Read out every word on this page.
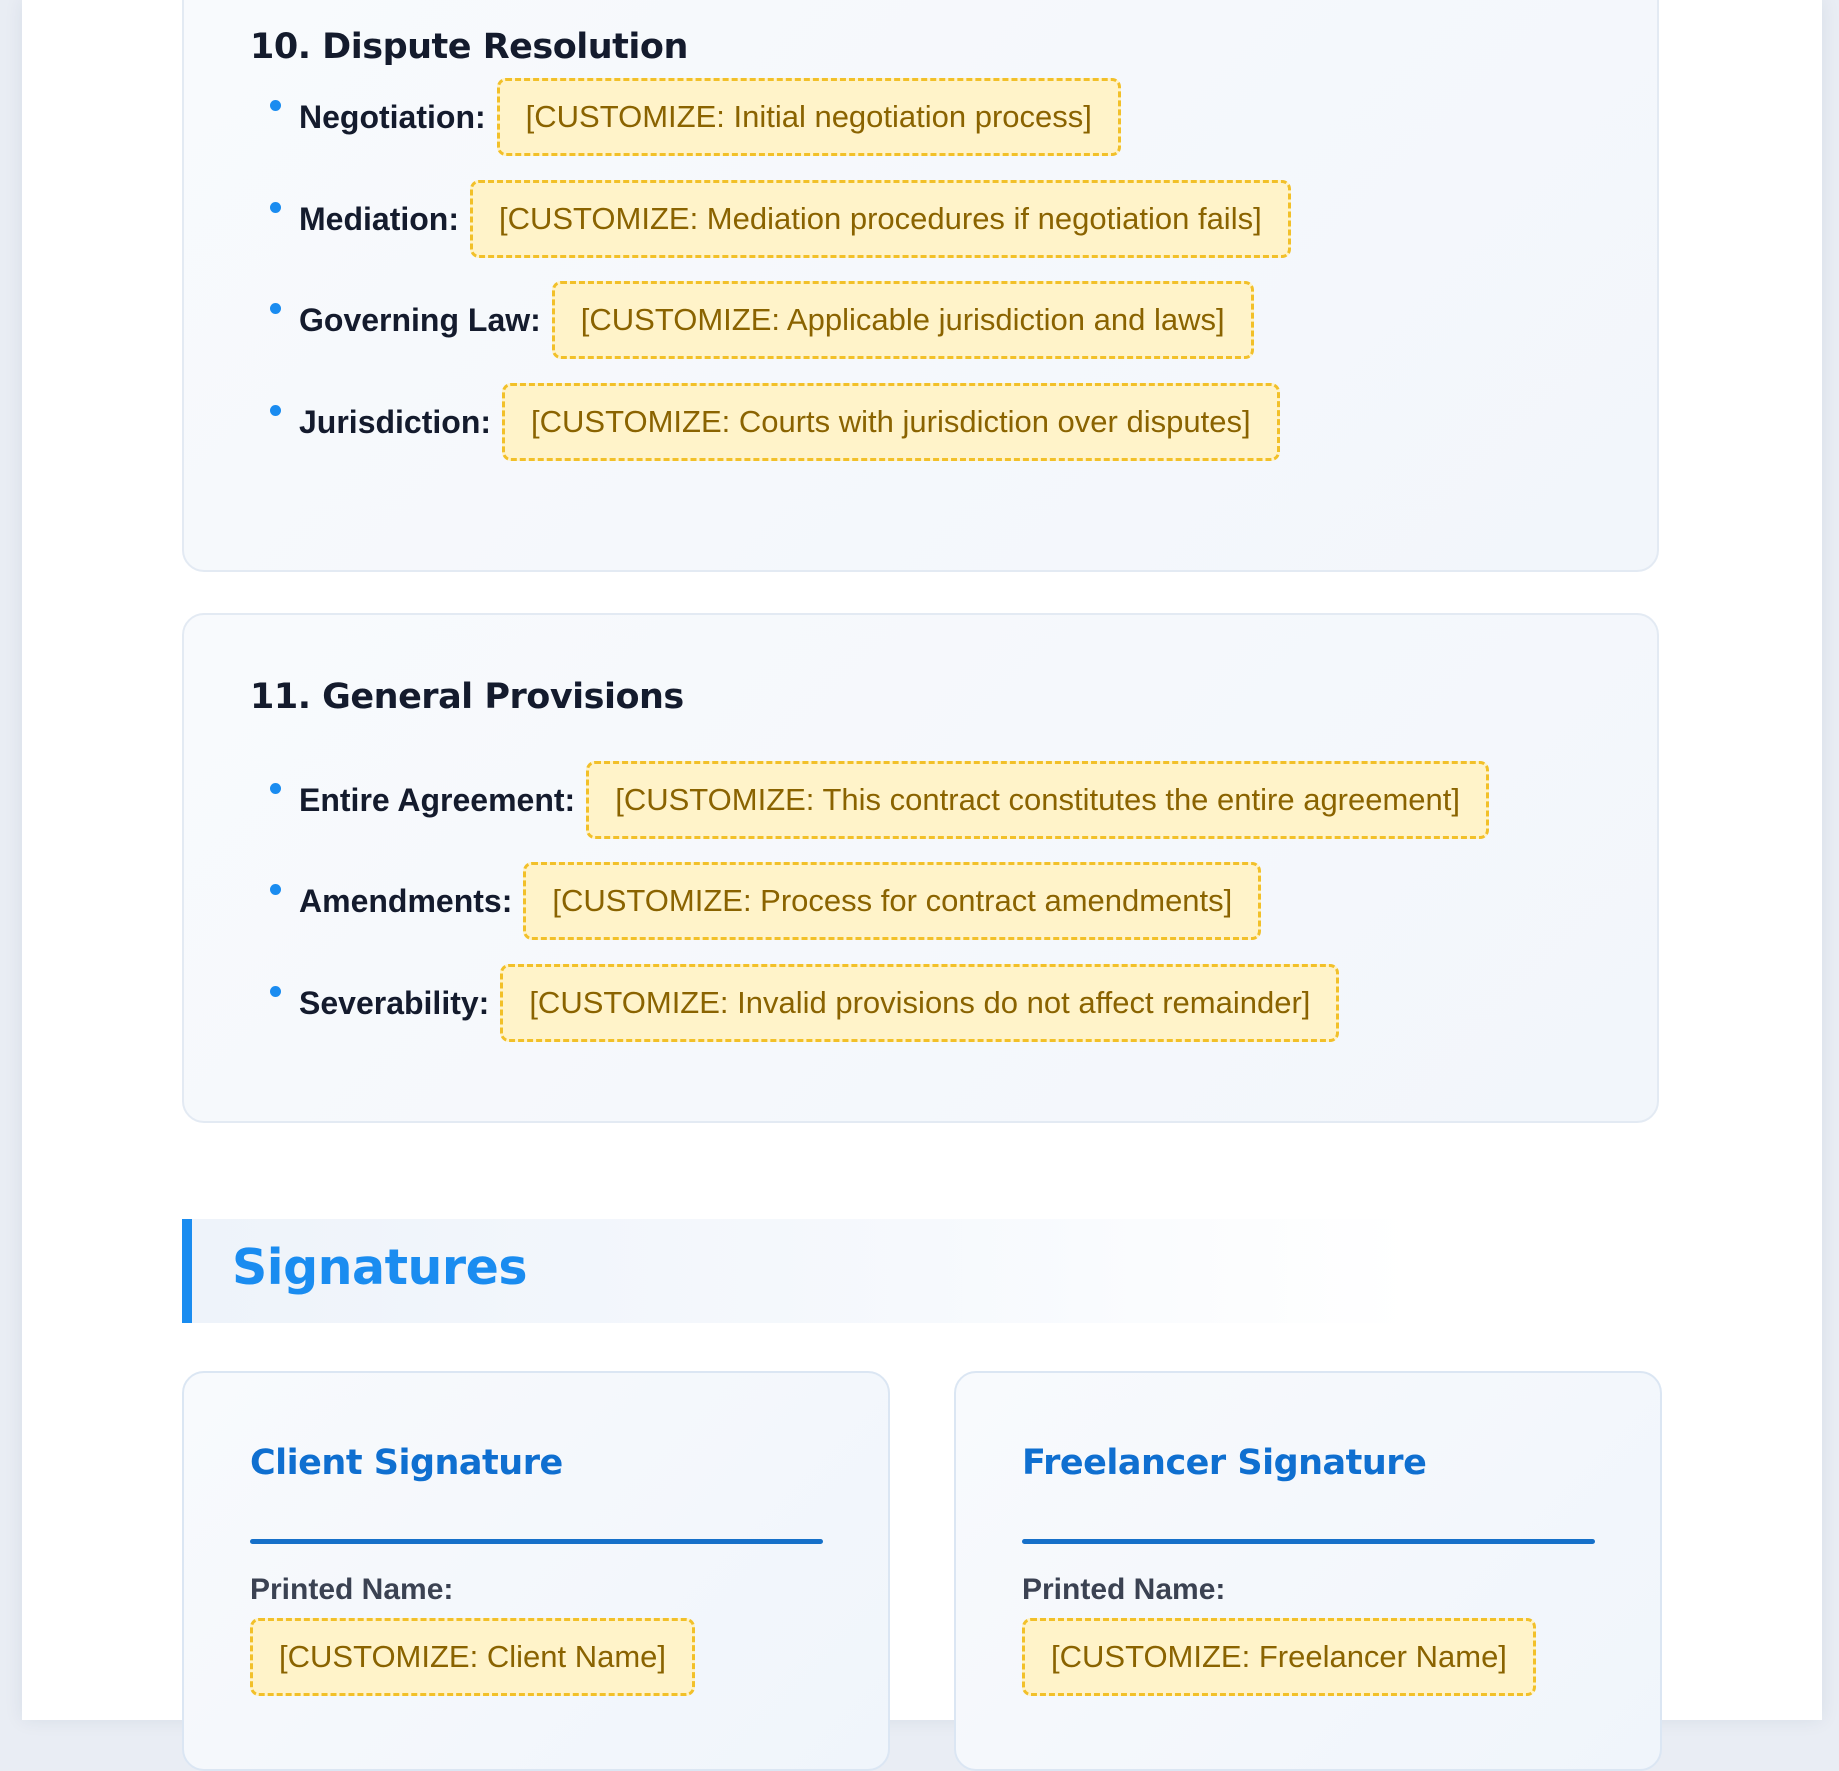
10. Dispute Resolution
Negotiation:	[CUSTOMIZE: Initial negotiation process]
Mediation:	[CUSTOMIZE: Mediation procedures if negotiation fails]
Governing Law:	[CUSTOMIZE: Applicable jurisdiction and laws]
Jurisdiction:	[CUSTOMIZE: Courts with jurisdiction over disputes]
11. General Provisions
Entire Agreement:	[CUSTOMIZE: This contract constitutes the entire agreement]
Amendments:	[CUSTOMIZE: Process for contract amendments]
Severability:	[CUSTOMIZE: Invalid provisions do not affect remainder]
Signatures
Client Signature
Printed Name:
[CUSTOMIZE: Client Name]
Freelancer Signature
Printed Name:
[CUSTOMIZE: Freelancer Name]
